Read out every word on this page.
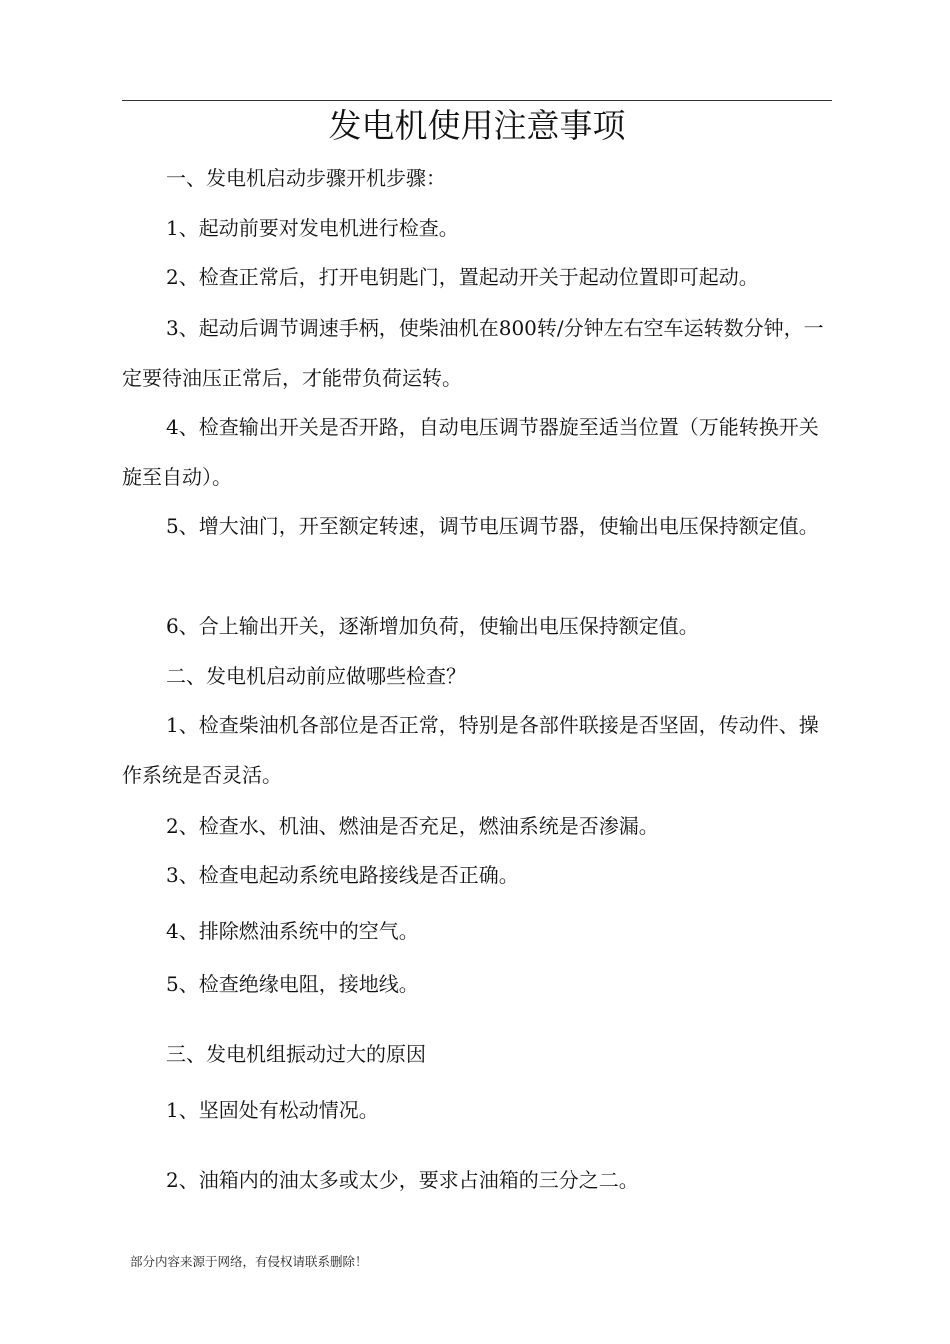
发电机使用注意事项

一、发电机启动步骤开机步骤：

1、起动前要对发电机进行检查。

2、检查正常后，打开电钥匙门，置起动开关于起动位置即可起动。

3、起动后调节调速手柄，使柴油机在800转/分钟左右空车运转数分钟，一定要待油压正常后，才能带负荷运转。

4、检查输出开关是否开路，自动电压调节器旋至适当位置（万能转换开关旋至自动）。

5、增大油门，开至额定转速，调节电压调节器，使输出电压保持额定值。

6、合上输出开关，逐渐增加负荷，使输出电压保持额定值。

二、发电机启动前应做哪些检查？

1、检查柴油机各部位是否正常，特别是各部件联接是否坚固，传动件、操作系统是否灵活。

2、检查水、机油、燃油是否充足，燃油系统是否渗漏。

3、检查电起动系统电路接线是否正确。

4、排除燃油系统中的空气。

5、检查绝缘电阻，接地线。

三、发电机组振动过大的原因

1、坚固处有松动情况。

2、油箱内的油太多或太少，要求占油箱的三分之二。

部分内容来源于网络，有侵权请联系删除！
